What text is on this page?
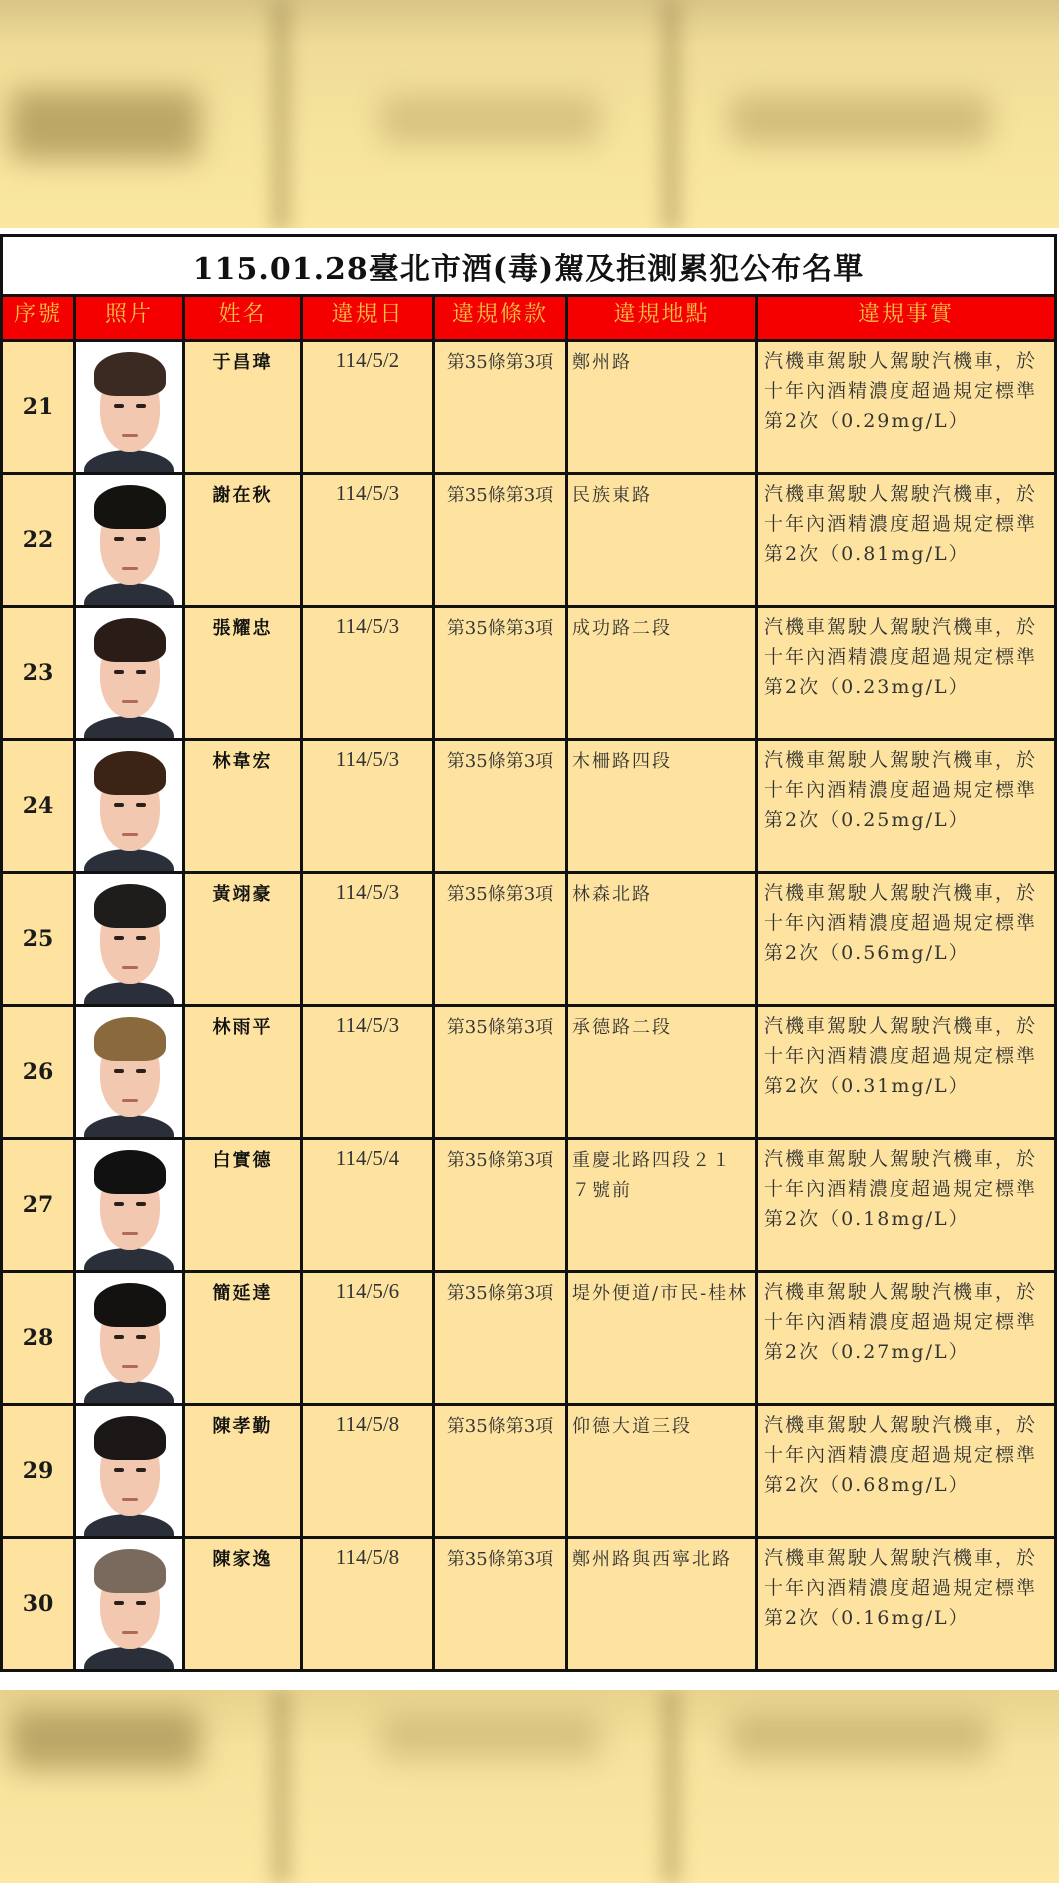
115.01.28臺北市酒(毒)駕及拒測累犯公布名單						
序號	照片	姓名	違規日	違規條款	違規地點	違規事實
21		于昌瑋	114/5/2	第35條第3項	鄭州路	汽機車駕駛人駕駛汽機車，於十年內酒精濃度超過規定標準第2次（0.29mg/L）
22		謝在秋	114/5/3	第35條第3項	民族東路	汽機車駕駛人駕駛汽機車，於十年內酒精濃度超過規定標準第2次（0.81mg/L）
23		張耀忠	114/5/3	第35條第3項	成功路二段	汽機車駕駛人駕駛汽機車，於十年內酒精濃度超過規定標準第2次（0.23mg/L）
24		林韋宏	114/5/3	第35條第3項	木柵路四段	汽機車駕駛人駕駛汽機車，於十年內酒精濃度超過規定標準第2次（0.25mg/L）
25		黃翊豪	114/5/3	第35條第3項	林森北路	汽機車駕駛人駕駛汽機車，於十年內酒精濃度超過規定標準第2次（0.56mg/L）
26		林雨平	114/5/3	第35條第3項	承德路二段	汽機車駕駛人駕駛汽機車，於十年內酒精濃度超過規定標準第2次（0.31mg/L）
27		白實德	114/5/4	第35條第3項	重慶北路四段２１７號前	汽機車駕駛人駕駛汽機車，於十年內酒精濃度超過規定標準第2次（0.18mg/L）
28		簡延達	114/5/6	第35條第3項	堤外便道/市民-桂林	汽機車駕駛人駕駛汽機車，於十年內酒精濃度超過規定標準第2次（0.27mg/L）
29		陳孝勤	114/5/8	第35條第3項	仰德大道三段	汽機車駕駛人駕駛汽機車，於十年內酒精濃度超過規定標準第2次（0.68mg/L）
30		陳家逸	114/5/8	第35條第3項	鄭州路與西寧北路	汽機車駕駛人駕駛汽機車，於十年內酒精濃度超過規定標準第2次（0.16mg/L）
